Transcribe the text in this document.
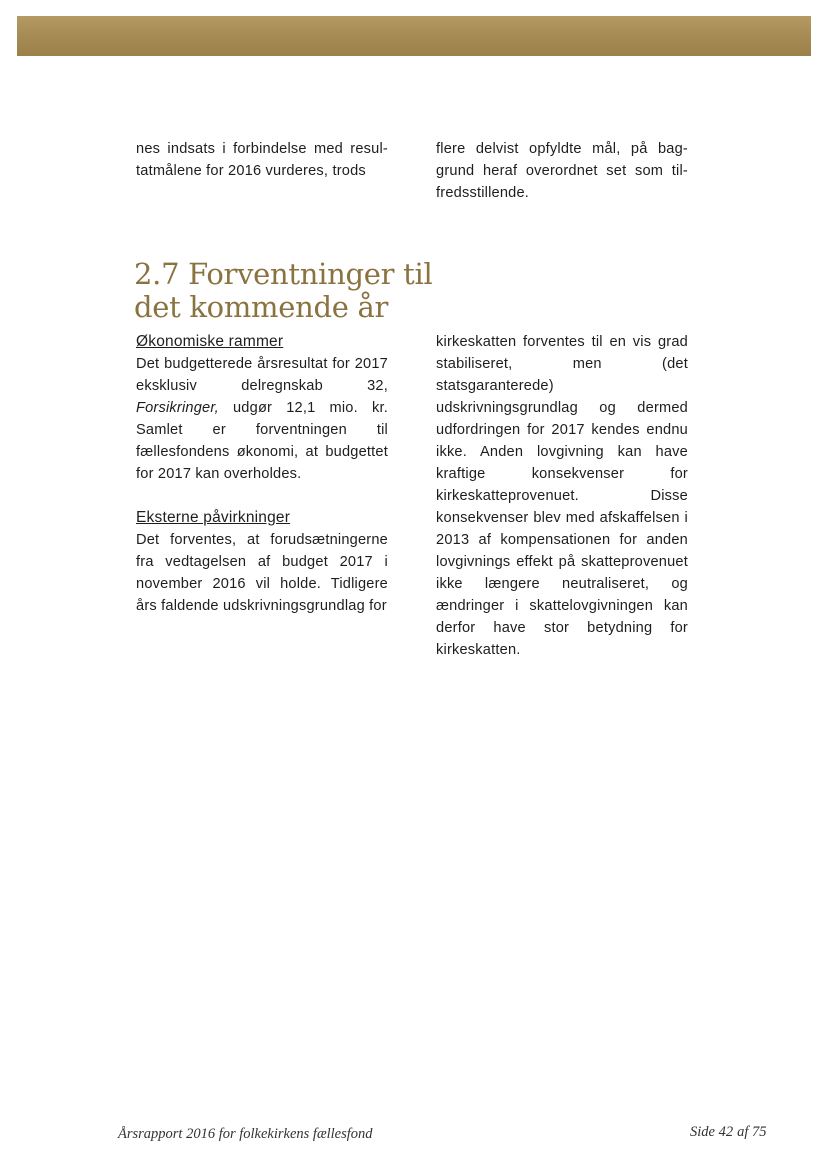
nes indsats i forbindelse med resul-tatmålene for 2016 vurderes, trods

flere delvist opfyldte mål, på bag-grund heraf overordnet set som til-fredsstillende.

2.7 Forventninger til det kommende år
Økonomiske rammer

Det budgetterede årsresultat for 2017 eksklusiv delregnskab 32, Forsikringer, udgør 12,1 mio. kr. Samlet er forventningen til fællesfondens økonomi, at budgettet for 2017 kan overholdes.

Eksterne påvirkninger

Det forventes, at forudsætningerne fra vedtagelsen af budget 2017 i november 2016 vil holde. Tidligere års faldende udskrivningsgrundlag for

kirkeskatten forventes til en vis grad stabiliseret, men (det statsgaranterede) udskrivningsgrundlag og dermed udfordringen for 2017 kendes endnu ikke. Anden lovgivning kan have kraftige konsekvenser for kirkeskatteprovenuet. Disse konsekvenser blev med afskaffelsen i 2013 af kompensationen for anden lovgivnings effekt på skatteprovenuet ikke længere neutraliseret, og ændringer i skattelovgivningen kan derfor have stor betydning for kirkeskatten.

Årsrapport 2016 for folkekirkens fællesfond	Side 42 af 75
